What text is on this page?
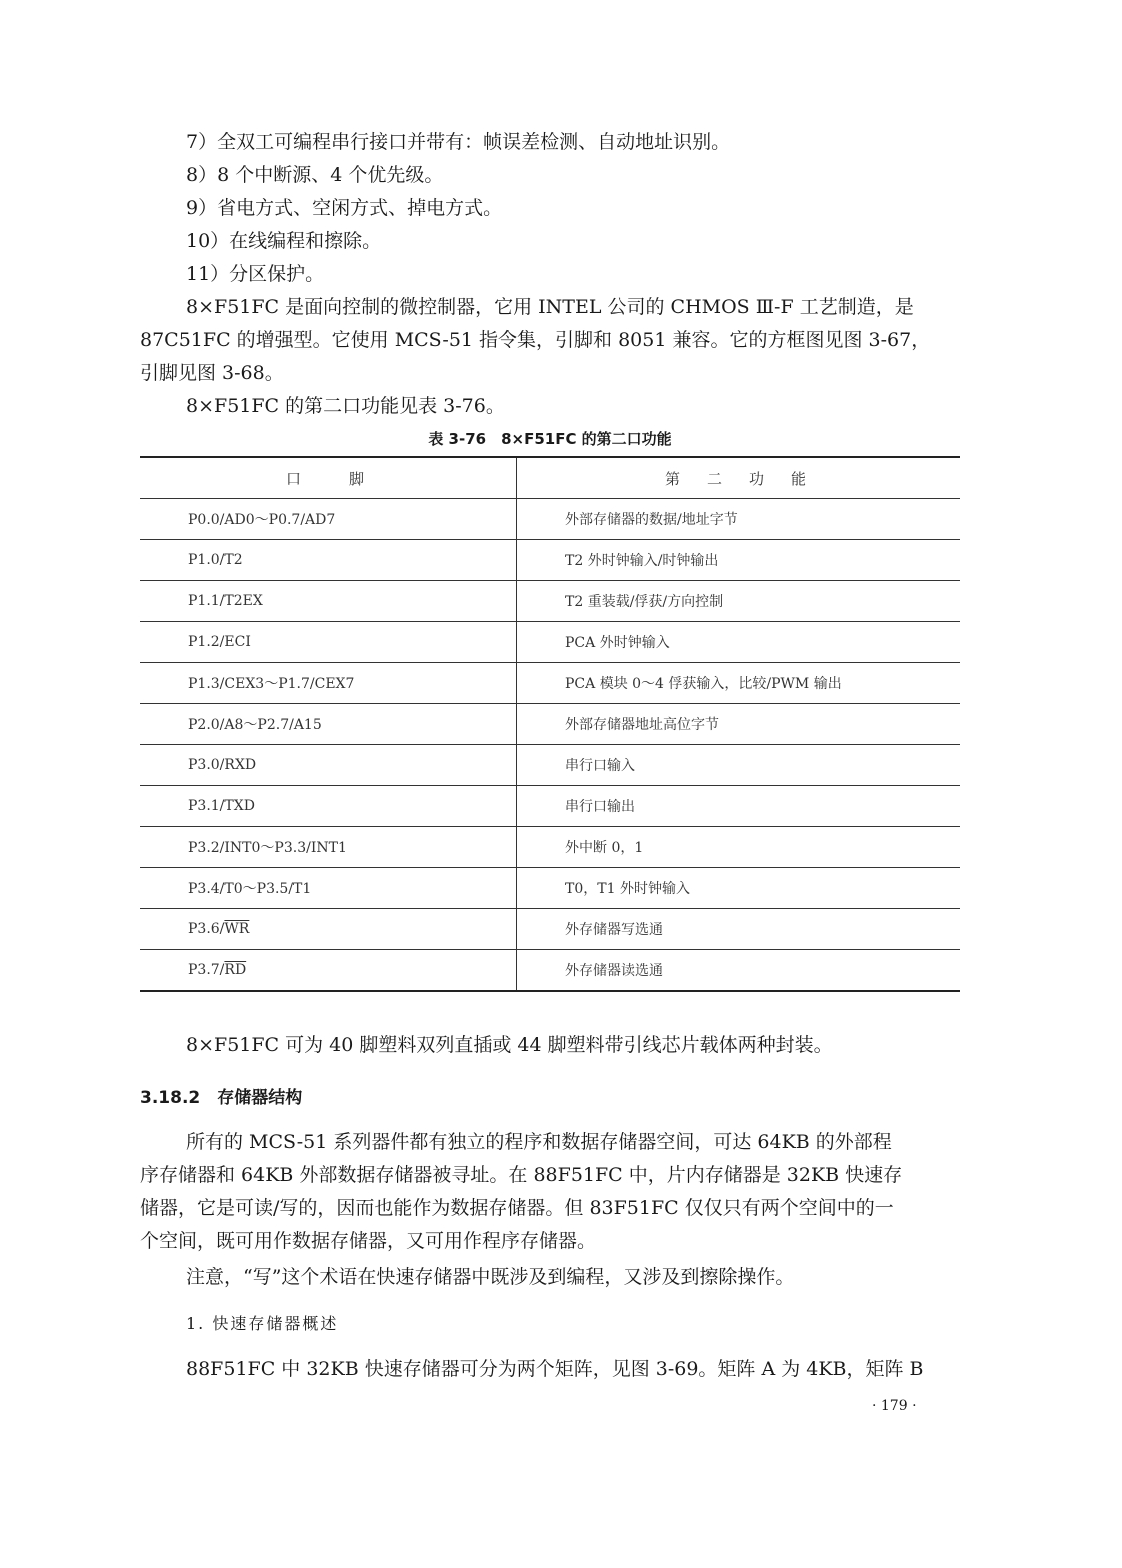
7）全双工可编程串行接口并带有：帧误差检测、自动地址识别。
8）8 个中断源、4 个优先级。
9）省电方式、空闲方式、掉电方式。
10）在线编程和擦除。
11）分区保护。
8×F51FC 是面向控制的微控制器，它用 INTEL 公司的 CHMOS Ⅲ-F 工艺制造，是
87C51FC 的增强型。它使用 MCS-51 指令集，引脚和 8051 兼容。它的方框图见图 3-67，
引脚见图 3-68。
8×F51FC 的第二口功能见表 3-76。
表 3-76　8×F51FC 的第二口功能
口　　脚	第　二　功　能
P0.0/AD0～P0.7/AD7	外部存储器的数据/地址字节
P1.0/T2	T2 外时钟输入/时钟输出
P1.1/T2EX	T2 重装载/俘获/方向控制
P1.2/ECI	PCA 外时钟输入
P1.3/CEX3～P1.7/CEX7	PCA 模块 0～4 俘获输入，比较/PWM 输出
P2.0/A8～P2.7/A15	外部存储器地址高位字节
P3.0/RXD	串行口输入
P3.1/TXD	串行口输出
P3.2/INT0～P3.3/INT1	外中断 0，1
P3.4/T0～P3.5/T1	T0，T1 外时钟输入
$P3.6/\overline{WR}$	外存储器写选通
$P3.7/\overline{RD}$	外存储器读选通
8×F51FC 可为 40 脚塑料双列直插或 44 脚塑料带引线芯片载体两种封装。
3.18.2　存储器结构
所有的 MCS-51 系列器件都有独立的程序和数据存储器空间，可达 64KB 的外部程
序存储器和 64KB 外部数据存储器被寻址。在 88F51FC 中，片内存储器是 32KB 快速存
储器，它是可读/写的，因而也能作为数据存储器。但 83F51FC 仅仅只有两个空间中的一
个空间，既可用作数据存储器，又可用作程序存储器。
注意，“写”这个术语在快速存储器中既涉及到编程，又涉及到擦除操作。
1. 快速存储器概述
88F51FC 中 32KB 快速存储器可分为两个矩阵，见图 3-69。矩阵 A 为 4KB，矩阵 B
· 179 ·
